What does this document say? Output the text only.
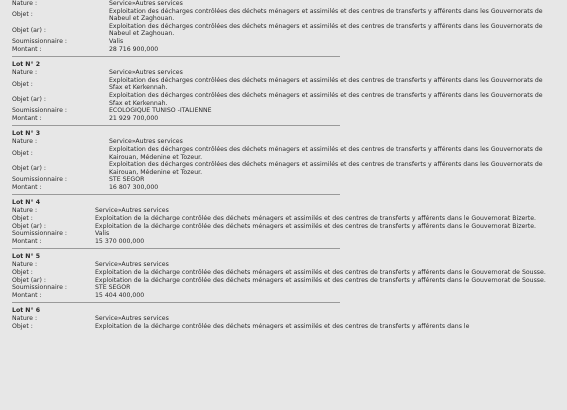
Nature :	Service»Autres services
Objet :
Exploitation des décharges contrôlées des déchets ménagers et assimilés et des centres de transferts y afférents dans les Gouvernorats de Nabeul et Zaghouan.
Objet (ar) :
Exploitation des décharges contrôlées des déchets ménagers et assimilés et des centres de transferts y afférents dans les Gouvernorats de Nabeul et Zaghouan.
Soumissionnaire :	Valis
Montant :	28 716 900,000
Lot N° 2
Nature :	Service»Autres services
Objet :
Exploitation des décharges contrôlées des déchets ménagers et assimilés et des centres de transferts y afférents dans les Gouvernorats de Sfax et Kerkennah.
Objet (ar) :
Exploitation des décharges contrôlées des déchets ménagers et assimilés et des centres de transferts y afférents dans les Gouvernorats de Sfax et Kerkennah.
Soumissionnaire :	ECOLOGIQUE TUNISO -ITALIENNE
Montant :	21 929 700,000
Lot N° 3
Nature :	Service»Autres services
Objet :
Exploitation des décharges contrôlées des déchets ménagers et assimilés et des centres de transferts y afférents dans les Gouvernorats de Kairouan, Médenine et Tozeur.
Objet (ar) :
Exploitation des décharges contrôlées des déchets ménagers et assimilés et des centres de transferts y afférents dans les Gouvernorats de Kairouan, Médenine et Tozeur.
Soumissionnaire :	STE SEGOR
Montant :	16 807 300,000
Lot N° 4
Nature :	Service»Autres services
Objet :	Exploitation de la décharge contrôlée des déchets ménagers et assimilés et des centres de transferts y afférents dans le Gouvernorat Bizerte.
Objet (ar) :	Exploitation de la décharge contrôlée des déchets ménagers et assimilés et des centres de transferts y afférents dans le Gouvernorat Bizerte.
Soumissionnaire :	Valis
Montant :	15 370 000,000
Lot N° 5
Nature :	Service»Autres services
Objet :	Exploitation de la décharge contrôlée des déchets ménagers et assimilés et des centres de transferts y afférents dans le Gouvernorat de Sousse.
Objet (ar) :	Exploitation de la décharge contrôlée des déchets ménagers et assimilés et des centres de transferts y afférents dans le Gouvernorat de Sousse.
Soumissionnaire :	STE SEGOR
Montant :	15 404 400,000
Lot N° 6
Nature :	Service»Autres services
Objet :	Exploitation de la décharge contrôlée des déchets ménagers et assimilés et des centres de transferts y afférents dans le
